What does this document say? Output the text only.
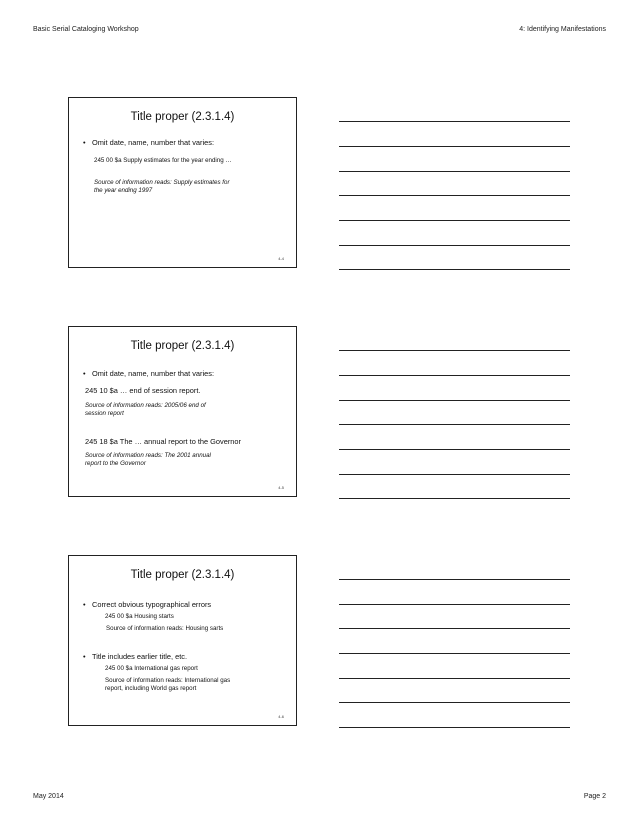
Basic Serial Cataloging Workshop	4: Identifying Manifestations
Title proper (2.3.1.4)
• Omit date, name, number that varies:
245 00 $a Supply estimates for the year ending …
Source of information reads: Supply estimates for
the year ending 1997
4-4
Title proper (2.3.1.4)
• Omit date, name, number that varies:
245 10 $a … end of session report.
Source of information reads: 2005/06 end of
session report
245 18 $a The … annual report to the Governor
Source of information reads: The 2001 annual
report to the Governor
4-5
Title proper (2.3.1.4)
• Correct obvious typographical errors
245 00 $a Housing starts
Source of information reads: Housing sarts
• Title includes earlier title, etc.
245 00 $a International gas report
Source of information reads: International gas
report, including World gas report
4-6
May 2014	Page 2
